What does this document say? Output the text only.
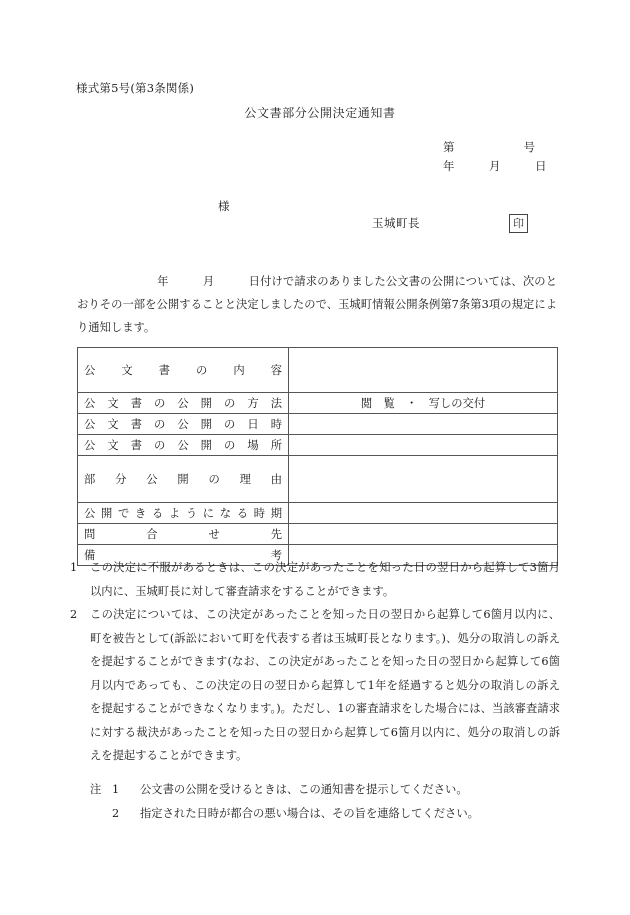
様式第5号(第3条関係)
公文書部分公開決定通知書
第　　　　　　号
年　　　月　　　日
様
玉城町長	印
年　　　月　　　日付けで請求のありました公文書の公開については、次のとおりその一部を公開することと決定しましたので、玉城町情報公開条例第7条第3項の規定により通知します。
公文書の内容	

公文書の公開の方法	閲　覧　・　写しの交付

公文書の公開の日時	

公文書の公開の場所	

部分公開の理由	

公開できるようになる時期	

問合せ先	

備考	

1	この決定に不服があるときは、この決定があったことを知った日の翌日から起算して3箇月以内に、玉城町長に対して審査請求をすることができます。
2	この決定については、この決定があったことを知った日の翌日から起算して6箇月以内に、町を被告として(訴訟において町を代表する者は玉城町長となります。)、処分の取消しの訴えを提起することができます(なお、この決定があったことを知った日の翌日から起算して6箇月以内であっても、この決定の日の翌日から起算して1年を経過すると処分の取消しの訴えを提起することができなくなります。)。ただし、1の審査請求をした場合には、当該審査請求に対する裁決があったことを知った日の翌日から起算して6箇月以内に、処分の取消しの訴えを提起することができます。
注 1	公文書の公開を受けるときは、この通知書を提示してください。
2	指定された日時が都合の悪い場合は、その旨を連絡してください。
